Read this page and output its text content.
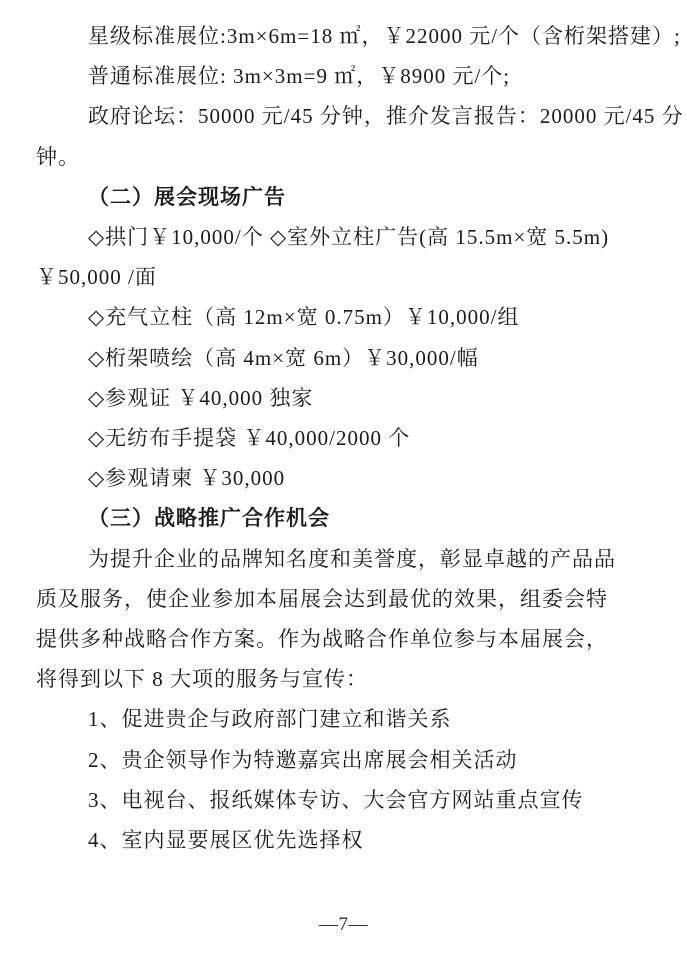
星级标准展位:3m×6m=18 ㎡，￥22000 元/个（含桁架搭建）;

普通标准展位: 3m×3m=9 ㎡，￥8900 元/个;

政府论坛：50000 元/45 分钟，推介发言报告：20000 元/45 分

钟。

（二）展会现场广告

◇拱门￥10,000/个 ◇室外立柱广告(高 15.5m×宽 5.5m)

￥50,000 /面

◇充气立柱（高 12m×宽 0.75m）￥10,000/组

◇桁架喷绘（高 4m×宽 6m）￥30,000/幅

◇参观证 ￥40,000 独家

◇无纺布手提袋 ￥40,000/2000 个

◇参观请柬 ￥30,000

（三）战略推广合作机会

为提升企业的品牌知名度和美誉度，彰显卓越的产品品

质及服务，使企业参加本届展会达到最优的效果，组委会特

提供多种战略合作方案。作为战略合作单位参与本届展会，

将得到以下 8 大项的服务与宣传：

1、促进贵企与政府部门建立和谐关系

2、贵企领导作为特邀嘉宾出席展会相关活动

3、电视台、报纸媒体专访、大会官方网站重点宣传

4、室内显要展区优先选择权

—7—
